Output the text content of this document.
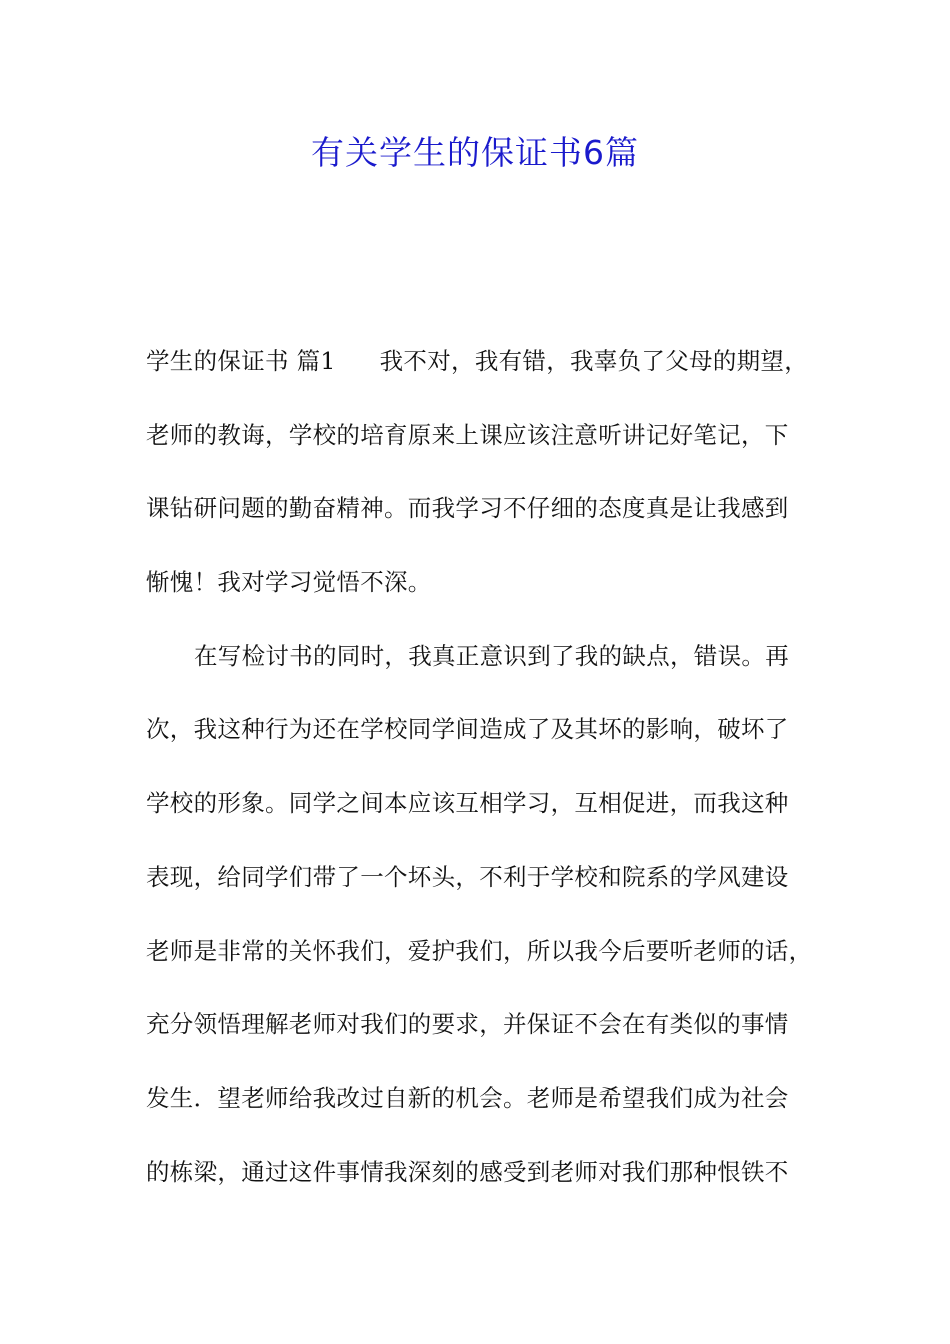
有关学生的保证书6篇
学生的保证书 篇1 我不对，我有错，我辜负了父母的期望，
老师的教诲，学校的培育原来上课应该注意听讲记好笔记，下
课钻研问题的勤奋精神。而我学习不仔细的态度真是让我感到
惭愧！我对学习觉悟不深。
在写检讨书的同时，我真正意识到了我的缺点，错误。再
次，我这种行为还在学校同学间造成了及其坏的影响，破坏了
学校的形象。同学之间本应该互相学习，互相促进，而我这种
表现，给同学们带了一个坏头，不利于学校和院系的学风建设
老师是非常的关怀我们，爱护我们，所以我今后要听老师的话，
充分领悟理解老师对我们的要求，并保证不会在有类似的事情
发生．望老师给我改过自新的机会。老师是希望我们成为社会
的栋梁，通过这件事情我深刻的感受到老师对我们那种恨铁不
